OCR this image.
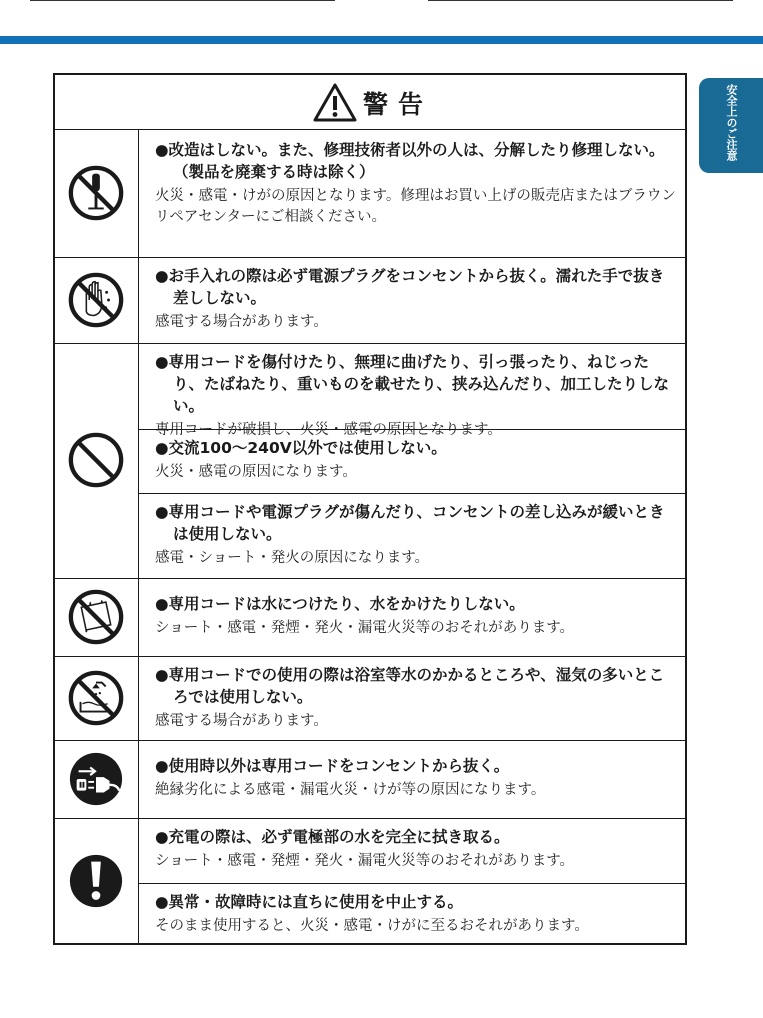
安全上のご注意
警告

●改造はしない。また、修理技術者以外の人は、分解したり修理しない。（製品を廃棄する時は除く）

火災・感電・けがの原因となります。修理はお買い上げの販売店またはブラウンリペアセンターにご相談ください。

●お手入れの際は必ず電源プラグをコンセントから抜く。濡れた手で抜き差ししない。

感電する場合があります。

●専用コードを傷付けたり、無理に曲げたり、引っ張ったり、ねじったり、たばねたり、重いものを載せたり、挟み込んだり、加工したりしない。

専用コードが破損し、火災・感電の原因となります。

●交流100〜240V以外では使用しない。

火災・感電の原因になります。

●専用コードや電源プラグが傷んだり、コンセントの差し込みが緩いときは使用しない。

感電・ショート・発火の原因になります。

●専用コードは水につけたり、水をかけたりしない。

ショート・感電・発煙・発火・漏電火災等のおそれがあります。

●専用コードでの使用の際は浴室等水のかかるところや、湿気の多いところでは使用しない。

感電する場合があります。

●使用時以外は専用コードをコンセントから抜く。

絶縁劣化による感電・漏電火災・けが等の原因になります。

●充電の際は、必ず電極部の水を完全に拭き取る。

ショート・感電・発煙・発火・漏電火災等のおそれがあります。

●異常・故障時には直ちに使用を中止する。

そのまま使用すると、火災・感電・けがに至るおそれがあります。
